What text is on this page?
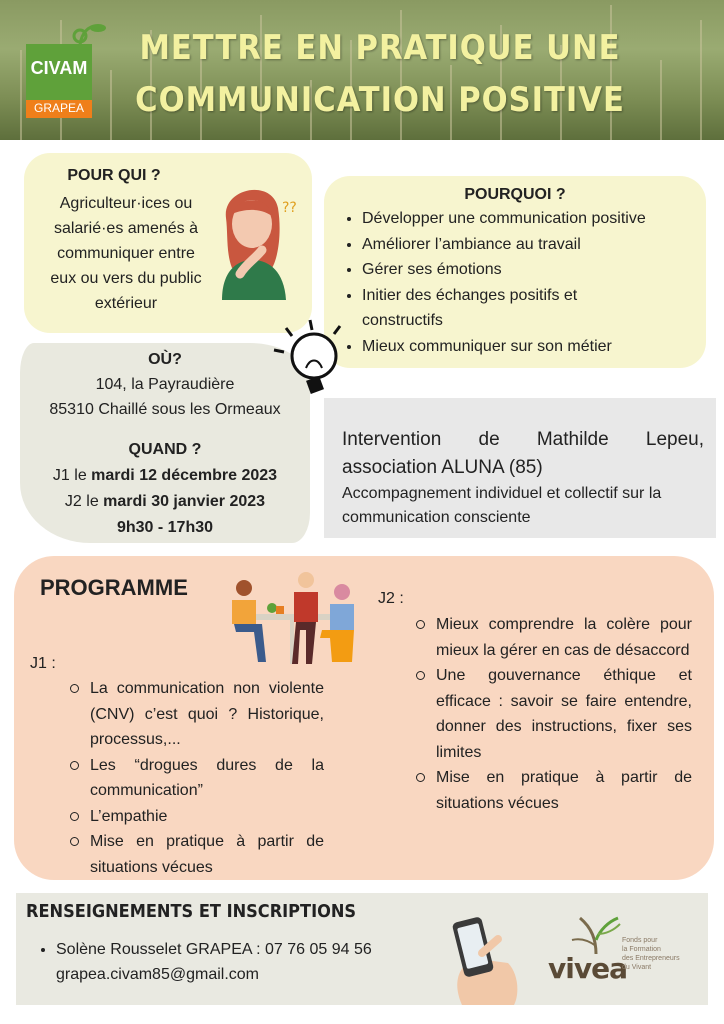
CIVAM
GRAPEA
METTRE EN PRATIQUE UNE
COMMUNICATION POSITIVE
POUR QUI ?
Agriculteur·ices ou
salarié·es amenés à
communiquer entre
eux ou vers du public
extérieur
??
POURQUOI ?
• Développer une communication positive
• Améliorer l’ambiance au travail
• Gérer ses émotions
• Initier des échanges positifs et constructifs
• Mieux communiquer sur son métier
OÙ?
104, la Payraudière
85310 Chaillé sous les Ormeaux
QUAND ?
J1 le mardi 12 décembre 2023
J2 le mardi 30 janvier 2023
9h30 - 17h30
Intervention de Mathilde Lepeu, association ALUNA (85)
Accompagnement individuel et collectif sur la communication consciente
PROGRAMME	J2 :
J1 :
La communication non violente (CNV) c’est quoi ? Historique, processus,...
Les “drogues dures de la communication”
L’empathie
Mise en pratique à partir de situations vécues
Mieux comprendre la colère pour mieux la gérer en cas de désaccord
Une gouvernance éthique et efficace : savoir se faire entendre, donner des instructions, fixer ses limites
Mise en pratique à partir de situations vécues
RENSEIGNEMENTS ET INSCRIPTIONS
• Solène Rousselet GRAPEA : 07 76 05 94 56
grapea.civam85@gmail.com	vivea
Fonds pour
la Formation
des Entrepreneurs
du Vivant
